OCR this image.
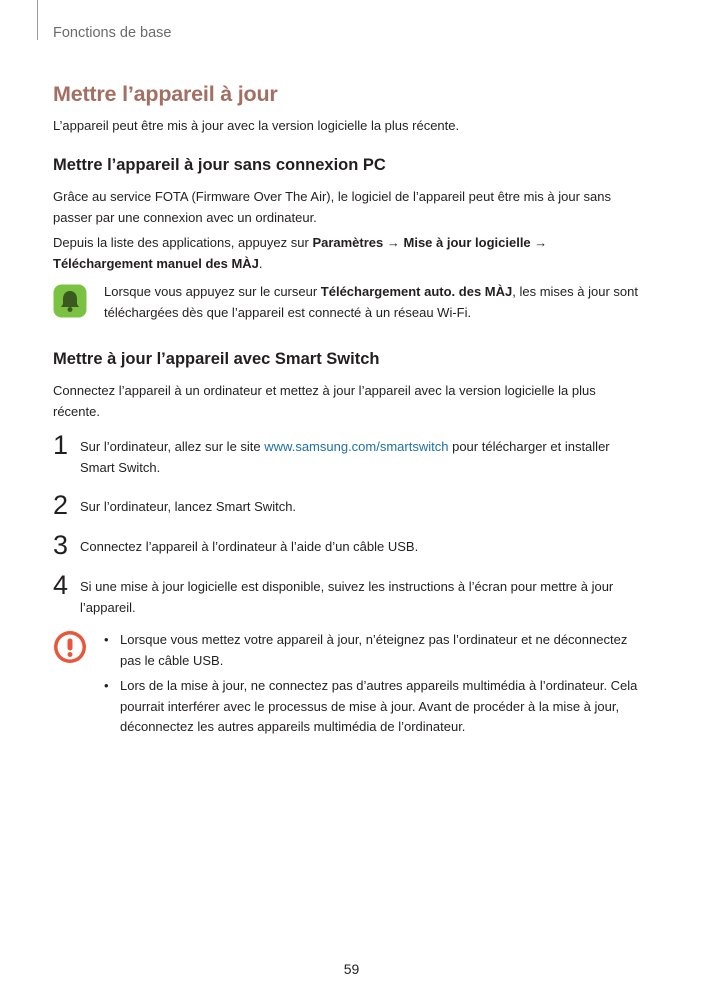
Fonctions de base
Mettre l’appareil à jour
L’appareil peut être mis à jour avec la version logicielle la plus récente.
Mettre l’appareil à jour sans connexion PC
Grâce au service FOTA (Firmware Over The Air), le logiciel de l’appareil peut être mis à jour sans passer par une connexion avec un ordinateur.
Depuis la liste des applications, appuyez sur Paramètres → Mise à jour logicielle → Téléchargement manuel des MÀJ.
Lorsque vous appuyez sur le curseur Téléchargement auto. des MÀJ, les mises à jour sont téléchargées dès que l’appareil est connecté à un réseau Wi-Fi.
Mettre à jour l’appareil avec Smart Switch
Connectez l’appareil à un ordinateur et mettez à jour l’appareil avec la version logicielle la plus récente.
1 Sur l’ordinateur, allez sur le site www.samsung.com/smartswitch pour télécharger et installer Smart Switch.
2 Sur l’ordinateur, lancez Smart Switch.
3 Connectez l’appareil à l’ordinateur à l’aide d’un câble USB.
4 Si une mise à jour logicielle est disponible, suivez les instructions à l’écran pour mettre à jour l’appareil.
• Lorsque vous mettez votre appareil à jour, n’éteignez pas l’ordinateur et ne déconnectez pas le câble USB.
• Lors de la mise à jour, ne connectez pas d’autres appareils multimédia à l’ordinateur. Cela pourrait interférer avec le processus de mise à jour. Avant de procéder à la mise à jour, déconnectez les autres appareils multimédia de l’ordinateur.
59
